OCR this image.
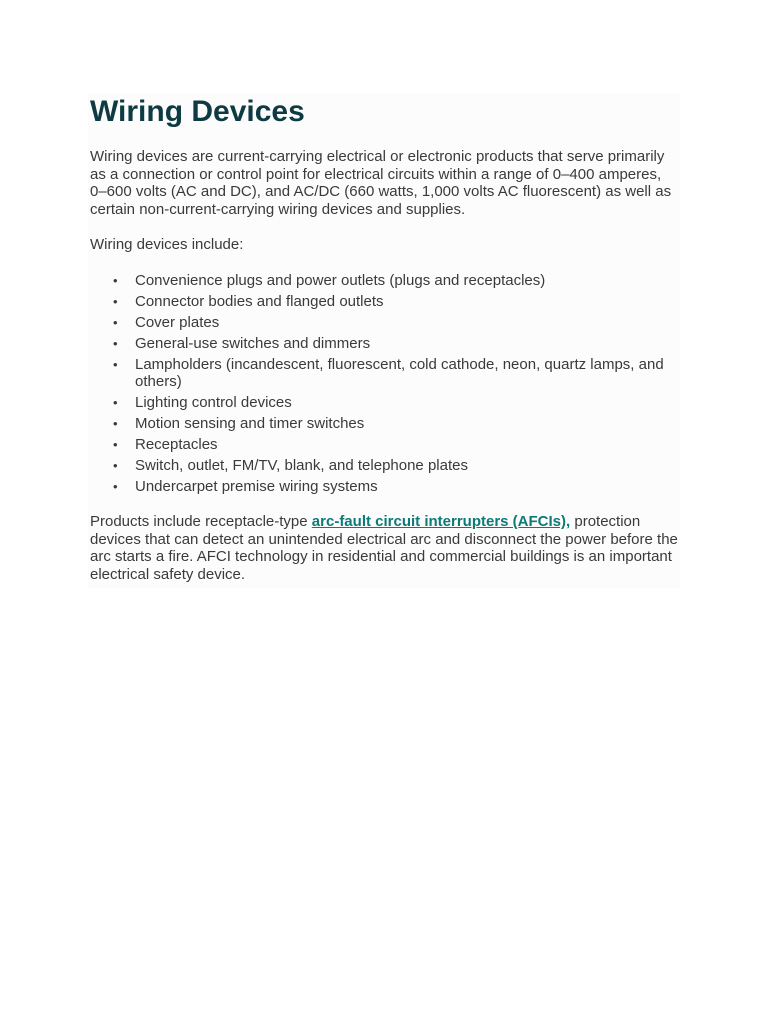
Wiring Devices

Wiring devices are current-carrying electrical or electronic products that serve primarily as a connection or control point for electrical circuits within a range of 0–400 amperes, 0–600 volts (AC and DC), and AC/DC (660 watts, 1,000 volts AC fluorescent) as well as certain non-current-carrying wiring devices and supplies.

Wiring devices include:

• Convenience plugs and power outlets (plugs and receptacles)
• Connector bodies and flanged outlets
• Cover plates
• General-use switches and dimmers
• Lampholders (incandescent, fluorescent, cold cathode, neon, quartz lamps, and others)
• Lighting control devices
• Motion sensing and timer switches
• Receptacles
• Switch, outlet, FM/TV, blank, and telephone plates
• Undercarpet premise wiring systems

Products include receptacle-type arc-fault circuit interrupters (AFCIs), protection devices that can detect an unintended electrical arc and disconnect the power before the arc starts a fire. AFCI technology in residential and commercial buildings is an important electrical safety device.
